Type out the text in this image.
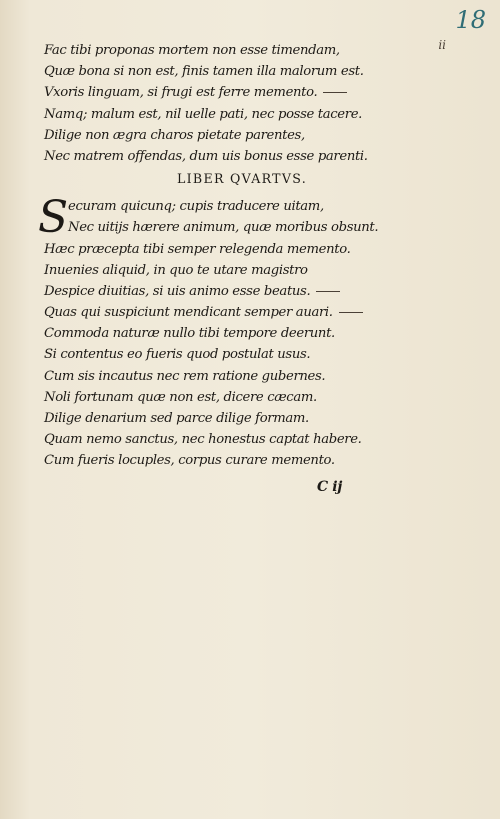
18
ii
Fac tibi proponas mortem non esse timendam,
Quæ bona si non est, finis tamen illa malorum est.
Vxoris linguam, si frugi est ferre memento.
Namq; malum est, nil uelle pati, nec posse tacere.
Dilige non ægra charos pietate parentes,
Nec matrem offendas, dum uis bonus esse parenti.
LIBER QVARTVS.
S ecuram quicunq; cupis traducere uitam,
Nec uitijs hærere animum, quæ moribus obsunt.
Hæc præcepta tibi semper relegenda memento.
Inuenies aliquid, in quo te utare magistro
Despice diuitias, si uis animo esse beatus.
Quas qui suspiciunt mendicant semper auari.
Commoda naturæ nullo tibi tempore deerunt.
Si contentus eo fueris quod postulat usus.
Cum sis incautus nec rem ratione gubernes.
Noli fortunam quæ non est, dicere cæcam.
Dilige denarium sed parce dilige formam.
Quam nemo sanctus, nec honestus captat habere.
Cum fueris locuples, corpus curare memento.
C ij
